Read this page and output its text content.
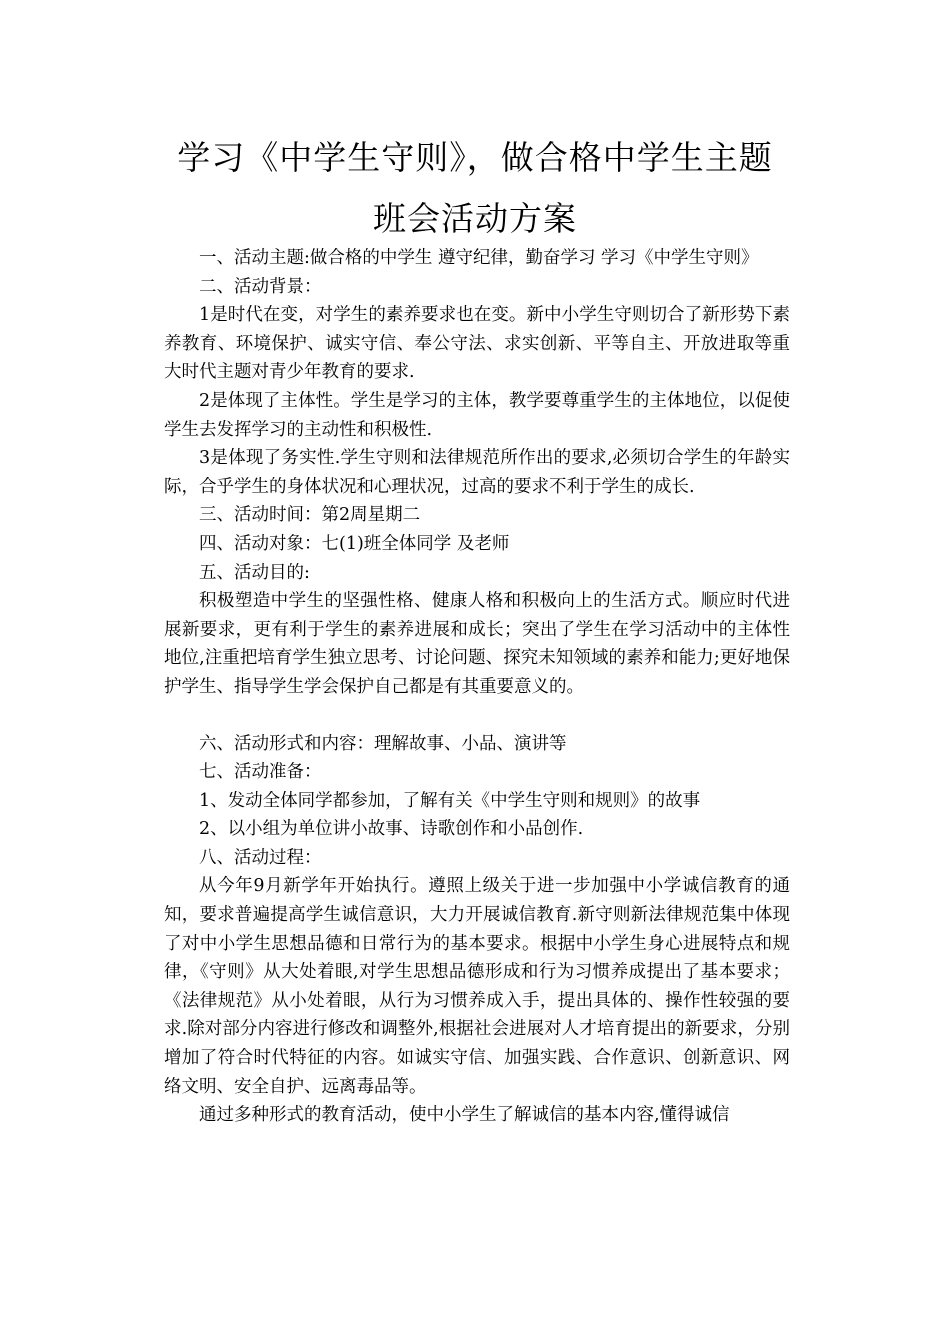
学习《中学生守则》，做合格中学生主题
班会活动方案

一、活动主题:做合格的中学生 遵守纪律，勤奋学习 学习《中学生守则》

二、活动背景：

1是时代在变，对学生的素养要求也在变。新中小学生守则切合了新形势下素养教育、环境保护、诚实守信、奉公守法、求实创新、平等自主、开放进取等重大时代主题对青少年教育的要求.

2是体现了主体性。学生是学习的主体，教学要尊重学生的主体地位，以促使学生去发挥学习的主动性和积极性.

3是体现了务实性.学生守则和法律规范所作出的要求,必须切合学生的年龄实际，合乎学生的身体状况和心理状况，过高的要求不利于学生的成长.

三、活动时间：第2周星期二

四、活动对象：七(1)班全体同学 及老师

五、活动目的:

积极塑造中学生的坚强性格、健康人格和积极向上的生活方式。顺应时代进展新要求，更有利于学生的素养进展和成长；突出了学生在学习活动中的主体性地位,注重把培育学生独立思考、讨论问题、探究未知领域的素养和能力;更好地保护学生、指导学生学会保护自己都是有其重要意义的。

六、活动形式和内容：理解故事、小品、演讲等

七、活动准备：

1、发动全体同学都参加，了解有关《中学生守则和规则》的故事

2、以小组为单位讲小故事、诗歌创作和小品创作.

八、活动过程：

从今年9月新学年开始执行。遵照上级关于进一步加强中小学诚信教育的通知，要求普遍提高学生诚信意识，大力开展诚信教育.新守则新法律规范集中体现了对中小学生思想品德和日常行为的基本要求。根据中小学生身心进展特点和规律，《守则》从大处着眼,对学生思想品德形成和行为习惯养成提出了基本要求；《法律规范》从小处着眼，从行为习惯养成入手，提出具体的、操作性较强的要求.除对部分内容进行修改和调整外,根据社会进展对人才培育提出的新要求，分别增加了符合时代特征的内容。如诚实守信、加强实践、合作意识、创新意识、网络文明、安全自护、远离毒品等。

通过多种形式的教育活动，使中小学生了解诚信的基本内容,懂得诚信
